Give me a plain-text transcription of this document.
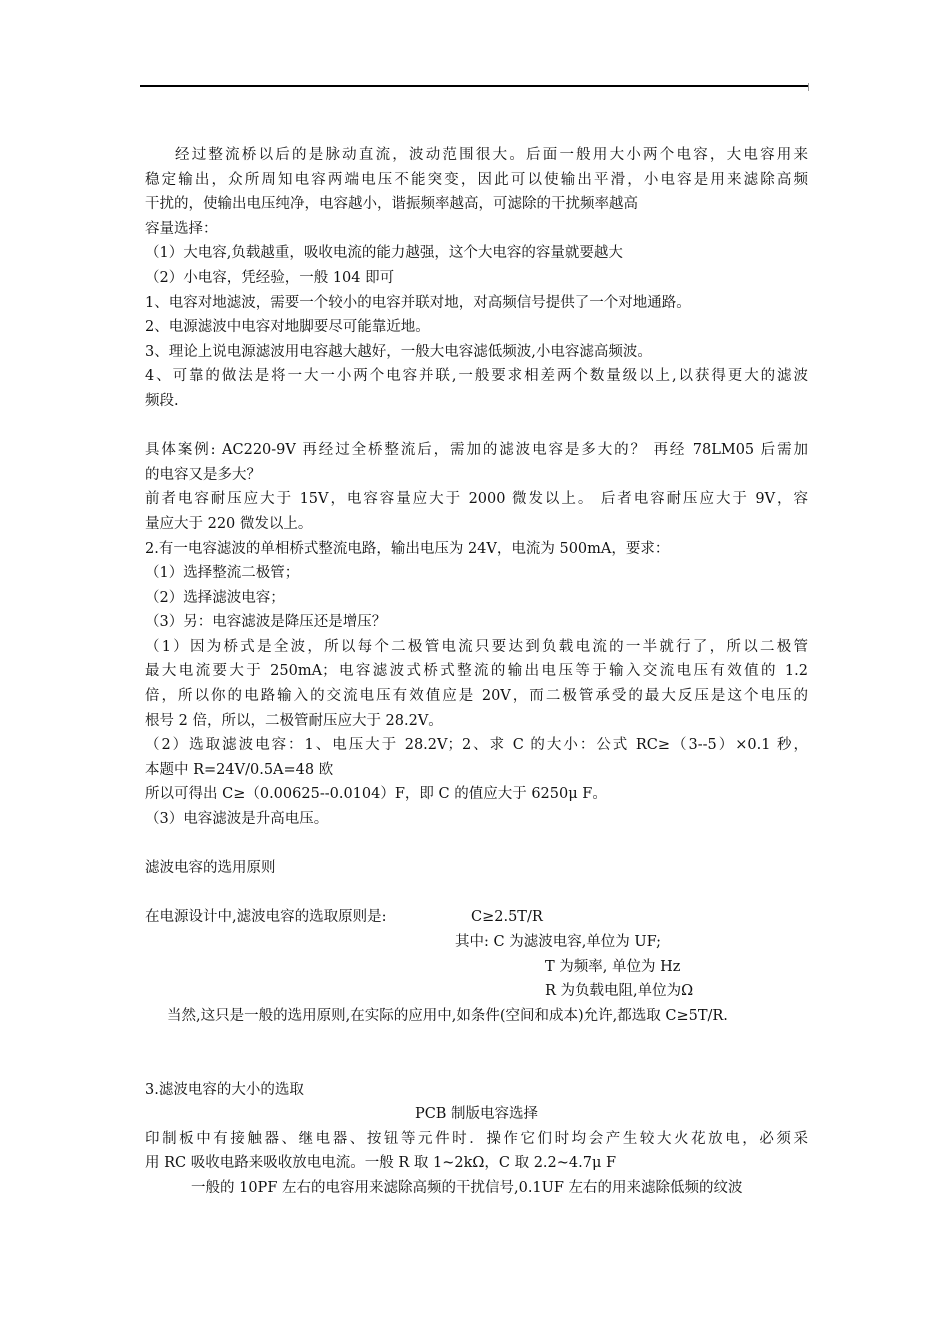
经过整流桥以后的是脉动直流，波动范围很大。后面一般用大小两个电容，大电容用来

稳定输出，众所周知电容两端电压不能突变，因此可以使输出平滑，小电容是用来滤除高频

干扰的，使输出电压纯净，电容越小，谐振频率越高，可滤除的干扰频率越高

容量选择：

（1）大电容,负载越重，吸收电流的能力越强，这个大电容的容量就要越大

（2）小电容，凭经验，一般 104 即可

1、电容对地滤波，需要一个较小的电容并联对地，对高频信号提供了一个对地通路。

2、电源滤波中电容对地脚要尽可能靠近地。

3、理论上说电源滤波用电容越大越好，一般大电容滤低频波,小电容滤高频波。

4、可靠的做法是将一大一小两个电容并联,一般要求相差两个数量级以上,以获得更大的滤波

频段.

具体案例: AC220-9V 再经过全桥整流后，需加的滤波电容是多大的？ 再经 78LM05 后需加

的电容又是多大？

前者电容耐压应大于 15V，电容容量应大于 2000 微发以上。 后者电容耐压应大于 9V，容

量应大于 220 微发以上。

2.有一电容滤波的单相桥式整流电路，输出电压为 24V，电流为 500mA，要求：

（1）选择整流二极管；

（2）选择滤波电容；

（3）另：电容滤波是降压还是增压？

（1）因为桥式是全波，所以每个二极管电流只要达到负载电流的一半就行了，所以二极管

最大电流要大于 250mA；电容滤波式桥式整流的输出电压等于输入交流电压有效值的 1.2

倍，所以你的电路输入的交流电压有效值应是 20V，而二极管承受的最大反压是这个电压的

根号 2 倍，所以，二极管耐压应大于 28.2V。

（2）选取滤波电容：1、电压大于 28.2V；2、求 C 的大小：公式 RC≥（3--5）×0.1 秒，

本题中 R=24V/0.5A=48 欧

所以可得出 C≥（0.00625--0.0104）F，即 C 的值应大于 6250μ F。

（3）电容滤波是升高电压。

滤波电容的选用原则

在电源设计中,滤波电容的选取原则是:	C≥2.5T/R

其中: C 为滤波电容,单位为 UF;

T 为频率, 单位为 Hz

R 为负载电阻,单位为Ω

当然,这只是一般的选用原则,在实际的应用中,如条件(空间和成本)允许,都选取 C≥5T/R.

3.滤波电容的大小的选取

PCB 制版电容选择

印制板中有接触器、继电器、按钮等元件时．操作它们时均会产生较大火花放电，必须采

用 RC 吸收电路来吸收放电电流。一般 R 取 1~2kΩ，C 取 2.2~4.7μ F

一般的 10PF 左右的电容用来滤除高频的干扰信号,0.1UF 左右的用来滤除低频的纹波
